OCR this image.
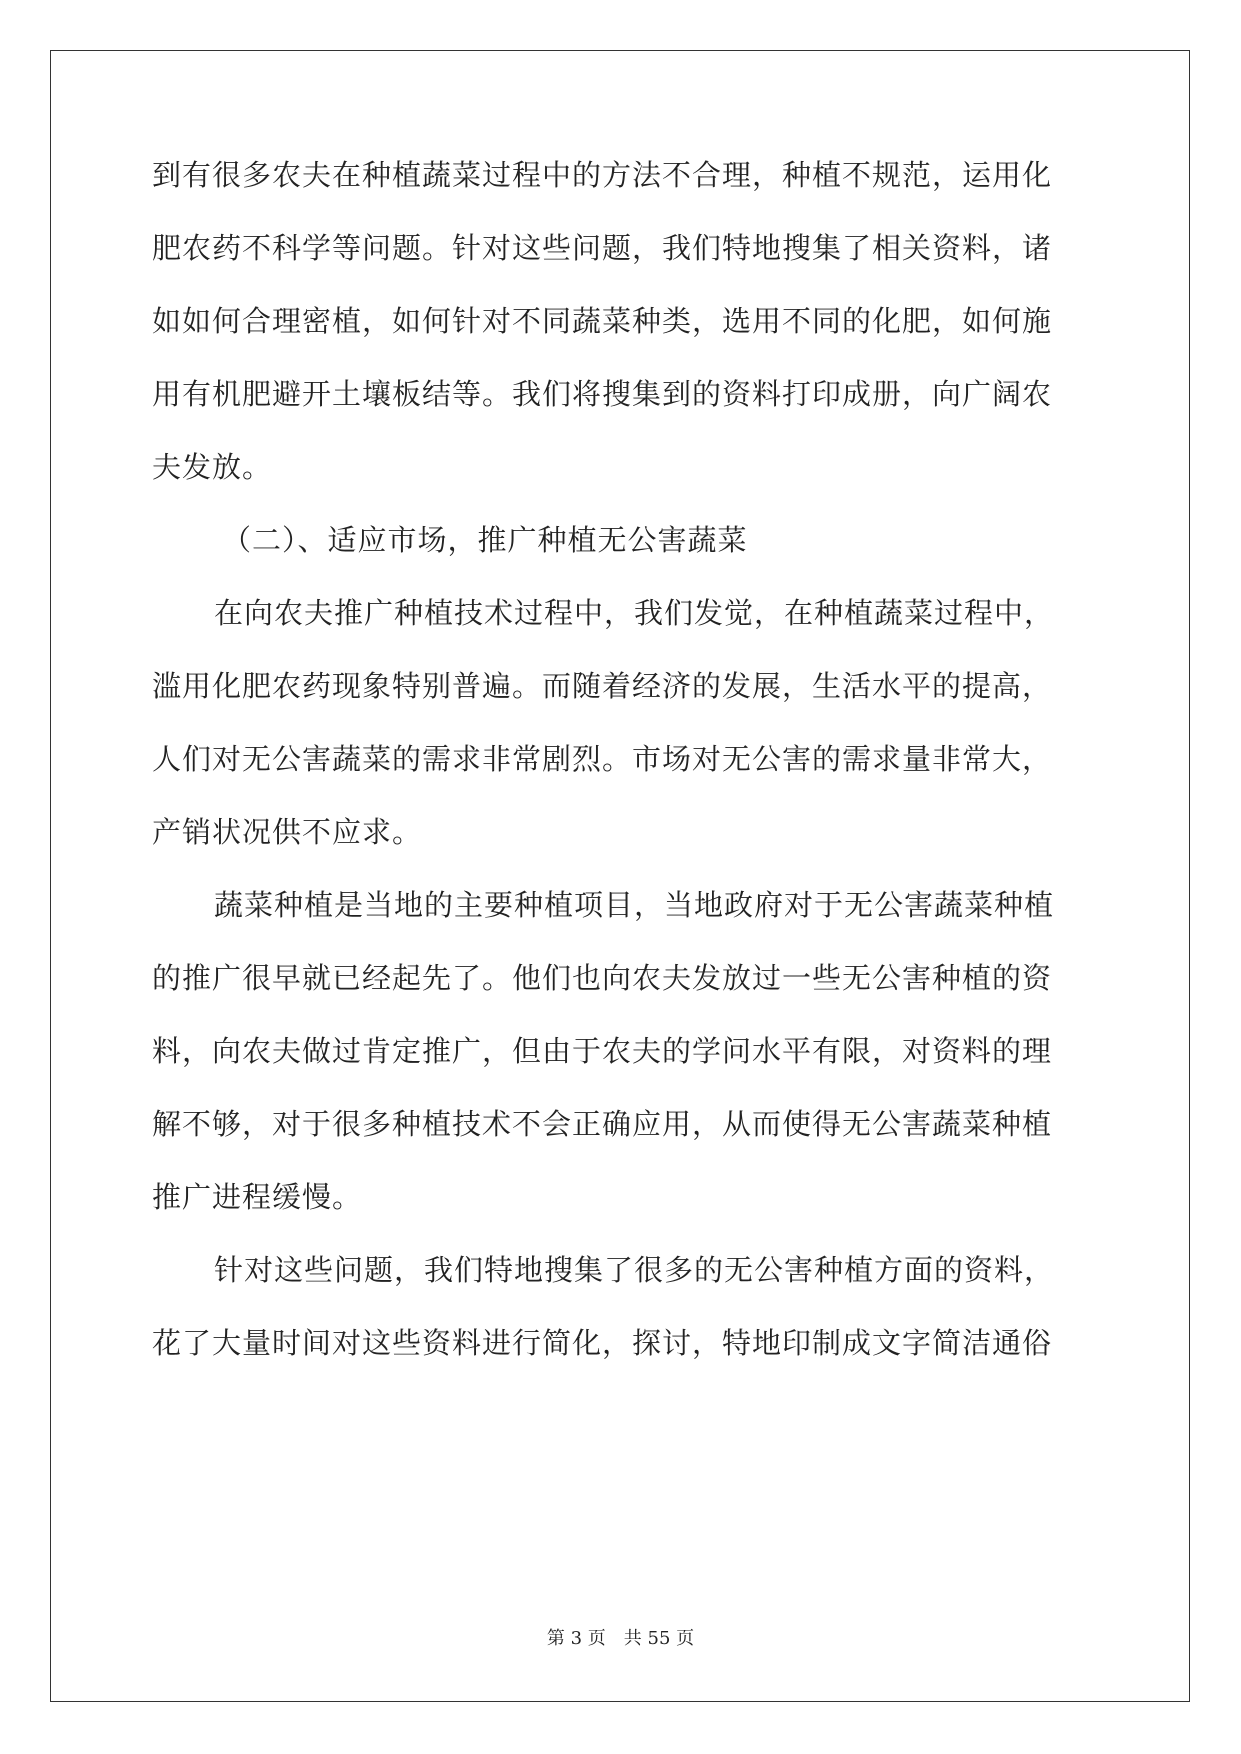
到有很多农夫在种植蔬菜过程中的方法不合理，种植不规范，运用化
肥农药不科学等问题。针对这些问题，我们特地搜集了相关资料，诸
如如何合理密植，如何针对不同蔬菜种类，选用不同的化肥，如何施
用有机肥避开土壤板结等。我们将搜集到的资料打印成册，向广阔农
夫发放。
（二）、适应市场，推广种植无公害蔬菜
在向农夫推广种植技术过程中，我们发觉，在种植蔬菜过程中，
滥用化肥农药现象特别普遍。而随着经济的发展，生活水平的提高，
人们对无公害蔬菜的需求非常剧烈。市场对无公害的需求量非常大，
产销状况供不应求。
蔬菜种植是当地的主要种植项目，当地政府对于无公害蔬菜种植
的推广很早就已经起先了。他们也向农夫发放过一些无公害种植的资
料，向农夫做过肯定推广，但由于农夫的学问水平有限，对资料的理
解不够，对于很多种植技术不会正确应用，从而使得无公害蔬菜种植
推广进程缓慢。
针对这些问题，我们特地搜集了很多的无公害种植方面的资料，
花了大量时间对这些资料进行简化，探讨，特地印制成文字简洁通俗
第 3 页　共 55 页
